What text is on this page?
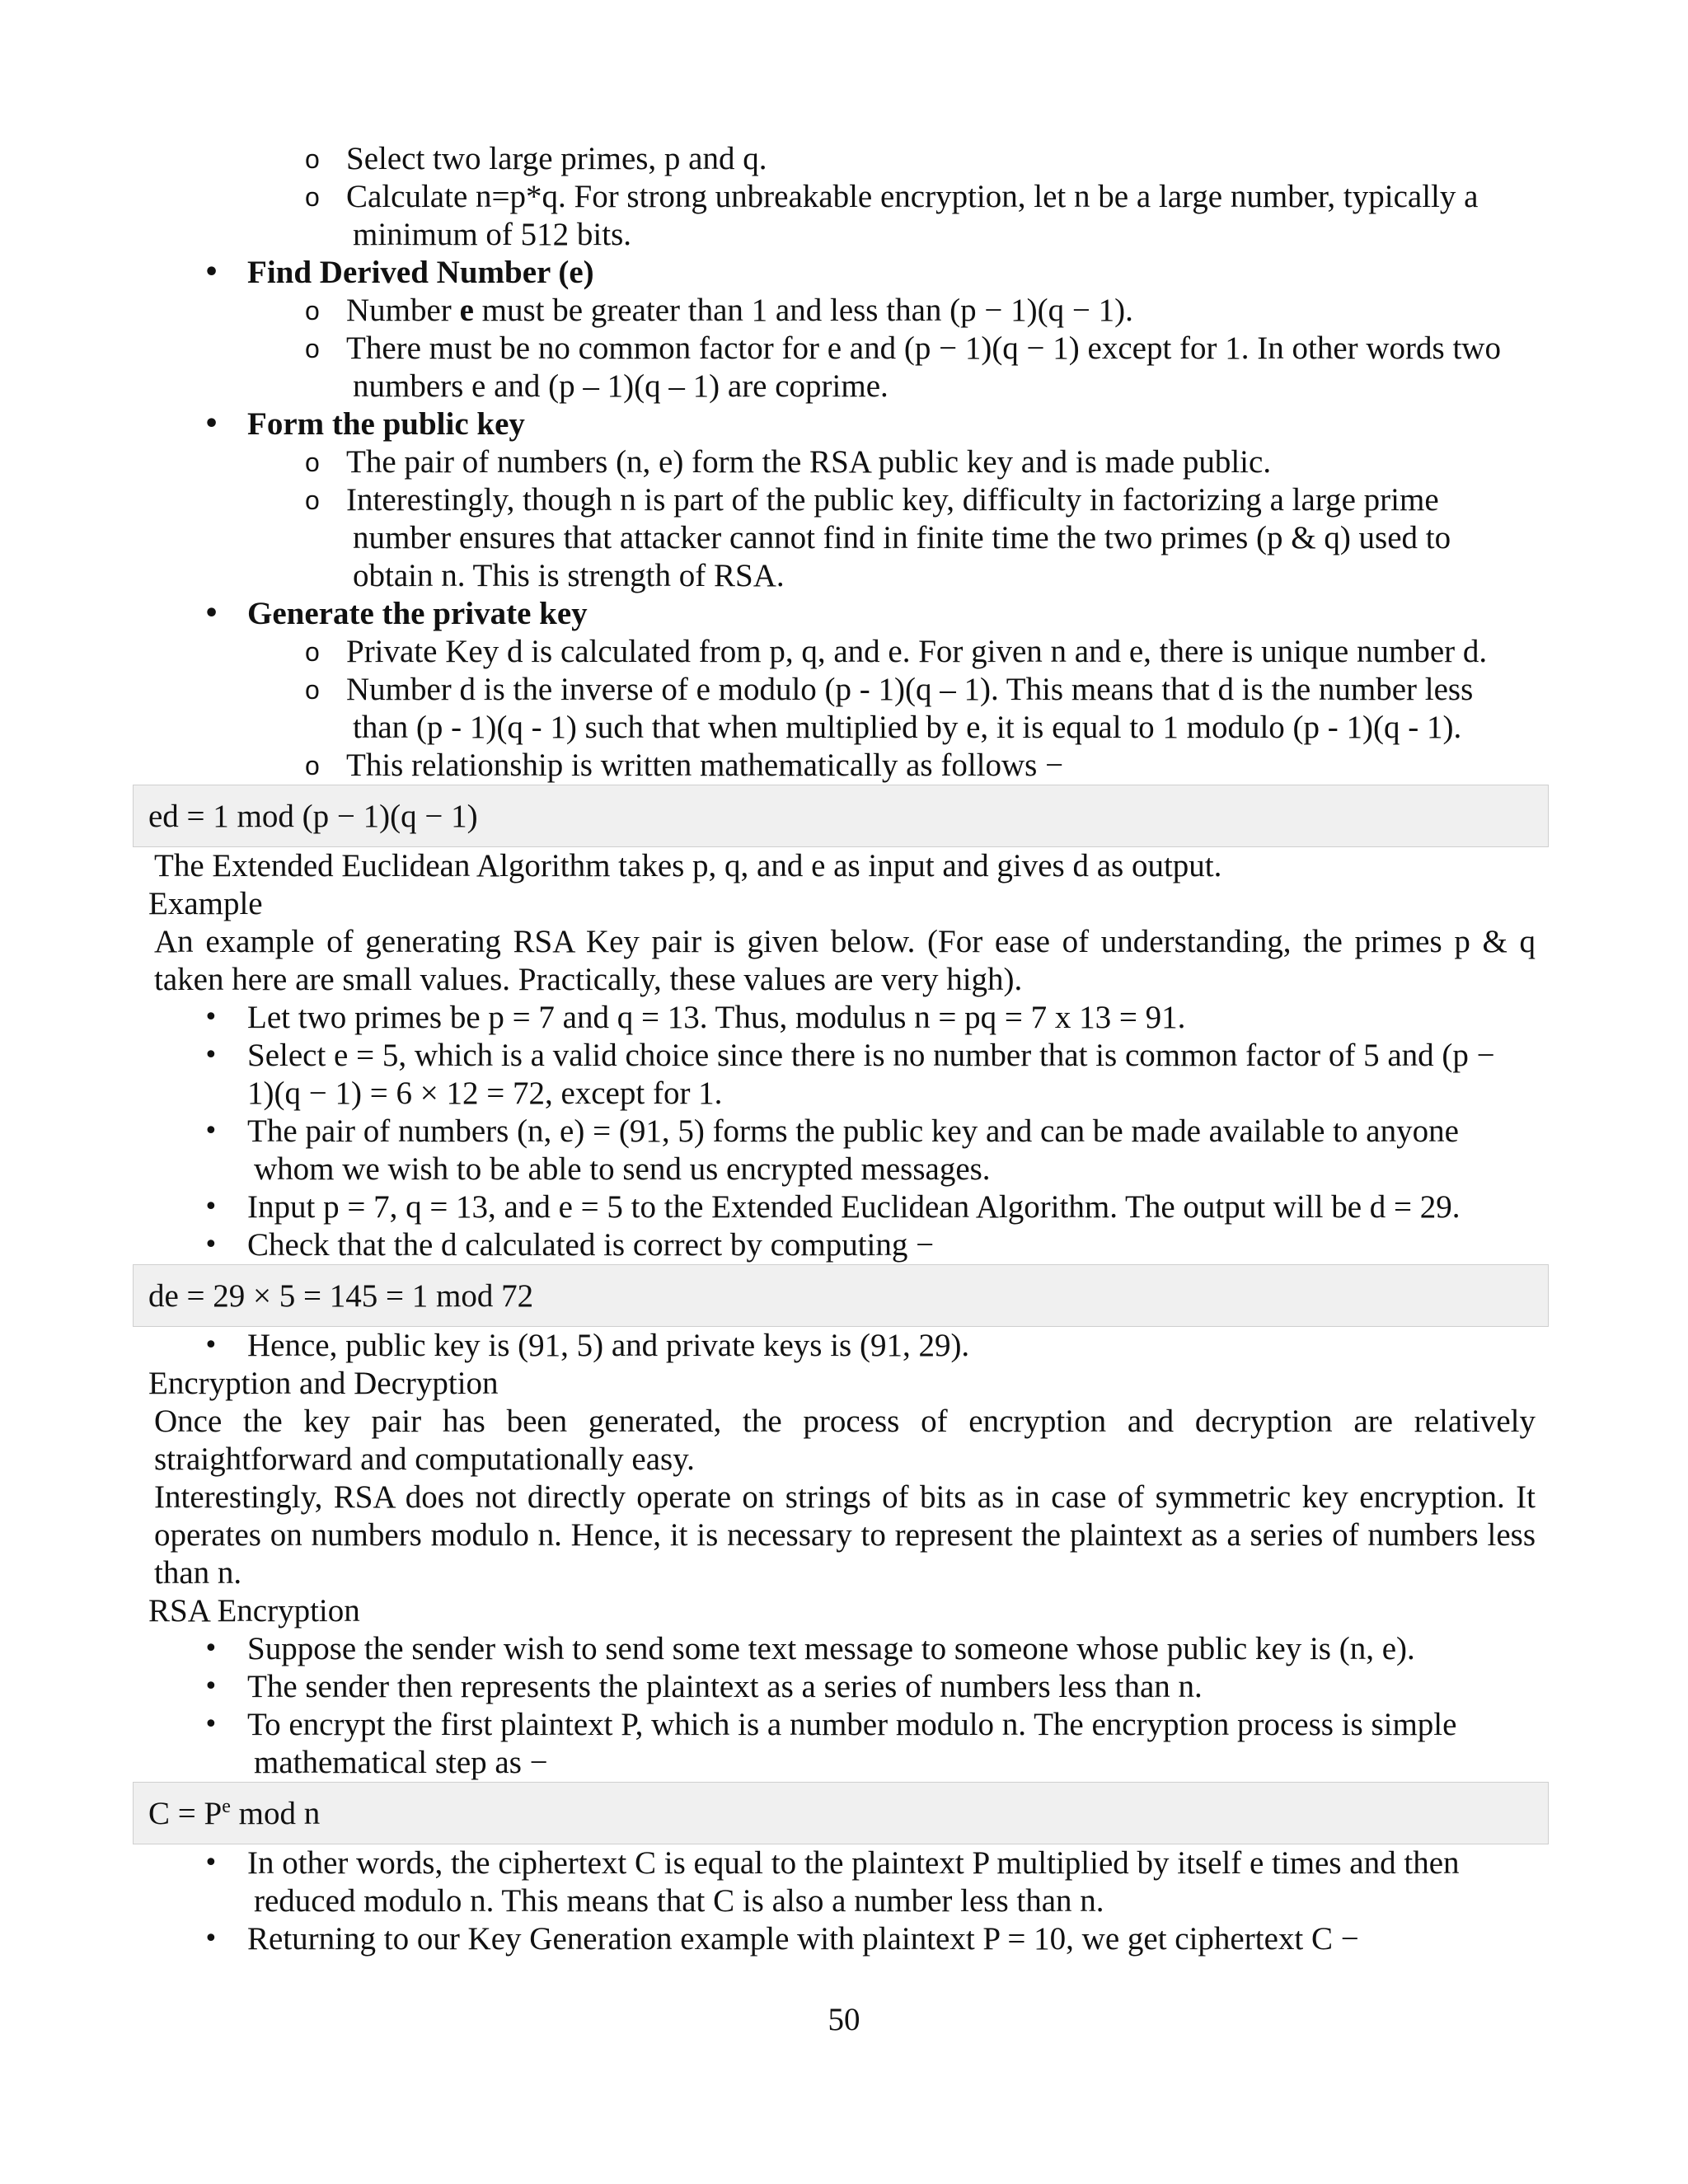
o Select two large primes, p and q.
o Calculate n=p*q. For strong unbreakable encryption, let n be a large number, typically a
minimum of 512 bits.
• Find Derived Number (e)
o Number e must be greater than 1 and less than (p − 1)(q − 1).
o There must be no common factor for e and (p − 1)(q − 1) except for 1. In other words two
numbers e and (p – 1)(q – 1) are coprime.
• Form the public key
o The pair of numbers (n, e) form the RSA public key and is made public.
o Interestingly, though n is part of the public key, difficulty in factorizing a large prime
number ensures that attacker cannot find in finite time the two primes (p & q) used to
obtain n. This is strength of RSA.
• Generate the private key
o Private Key d is calculated from p, q, and e. For given n and e, there is unique number d.
o Number d is the inverse of e modulo (p - 1)(q – 1). This means that d is the number less
than (p - 1)(q - 1) such that when multiplied by e, it is equal to 1 modulo (p - 1)(q - 1).
o This relationship is written mathematically as follows −
ed = 1 mod (p − 1)(q − 1)

The Extended Euclidean Algorithm takes p, q, and e as input and gives d as output.

Example

An example of generating RSA Key pair is given below. (For ease of understanding, the primes p & q taken here are small values. Practically, these values are very high).

• Let two primes be p = 7 and q = 13. Thus, modulus n = pq = 7 x 13 = 91.
• Select e = 5, which is a valid choice since there is no number that is common factor of 5 and (p −
1)(q − 1) = 6 × 12 = 72, except for 1.
• The pair of numbers (n, e) = (91, 5) forms the public key and can be made available to anyone
whom we wish to be able to send us encrypted messages.
• Input p = 7, q = 13, and e = 5 to the Extended Euclidean Algorithm. The output will be d = 29.
• Check that the d calculated is correct by computing −
de = 29 × 5 = 145 = 1 mod 72
• Hence, public key is (91, 5) and private keys is (91, 29).

Encryption and Decryption

Once the key pair has been generated, the process of encryption and decryption are relatively straightforward and computationally easy.

Interestingly, RSA does not directly operate on strings of bits as in case of symmetric key encryption. It operates on numbers modulo n. Hence, it is necessary to represent the plaintext as a series of numbers less than n.

RSA Encryption

• Suppose the sender wish to send some text message to someone whose public key is (n, e).
• The sender then represents the plaintext as a series of numbers less than n.
• To encrypt the first plaintext P, which is a number modulo n. The encryption process is simple
mathematical step as −
$C = P^e$ mod n
• In other words, the ciphertext C is equal to the plaintext P multiplied by itself e times and then
reduced modulo n. This means that C is also a number less than n.
• Returning to our Key Generation example with plaintext P = 10, we get ciphertext C −
50
